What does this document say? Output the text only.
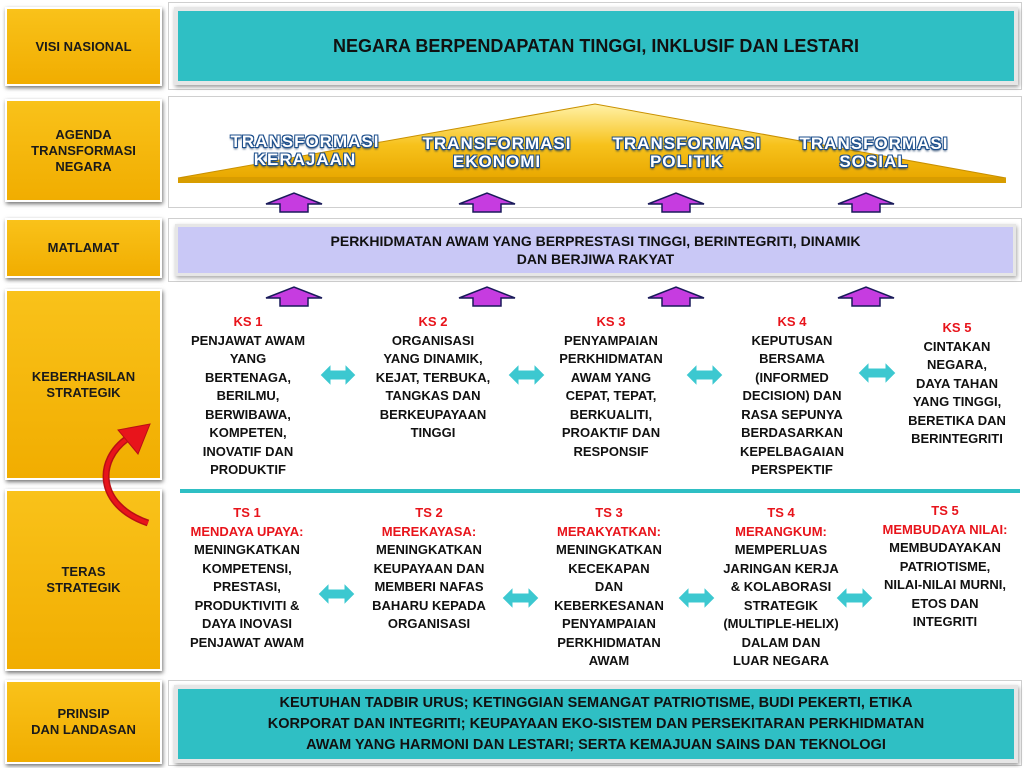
VISI NASIONAL
AGENDA TRANSFORMASI NEGARA
MATLAMAT
KEBERHASILAN STRATEGIK
TERAS STRATEGIK
PRINSIP
DAN LANDASAN
NEGARA BERPENDAPATAN TINGGI, INKLUSIF DAN LESTARI
TRANSFORMASI
KERAJAAN
TRANSFORMASI
EKONOMI
TRANSFORMASI
POLITIK
TRANSFORMASI
SOSIAL
PERKHIDMATAN AWAM YANG BERPRESTASI TINGGI, BERINTEGRITI, DINAMIK
DAN BERJIWA RAKYAT
KS 1
PENJAWAT AWAM
YANG
BERTENAGA,
BERILMU,
BERWIBAWA,
KOMPETEN,
INOVATIF DAN
PRODUKTIF
KS 2
ORGANISASI
YANG DINAMIK,
KEJAT, TERBUKA,
TANGKAS DAN
BERKEUPAYAAN
TINGGI
KS 3
PENYAMPAIAN
PERKHIDMATAN
AWAM YANG
CEPAT, TEPAT,
BERKUALITI,
PROAKTIF DAN
RESPONSIF
KS 4
KEPUTUSAN
BERSAMA
(INFORMED
DECISION) DAN
RASA SEPUNYA
BERDASARKAN
KEPELBAGAIAN
PERSPEKTIF
KS 5
CINTAKAN
NEGARA,
DAYA TAHAN
YANG TINGGI,
BERETIKA DAN
BERINTEGRITI
TS 1
MENDAYA UPAYA:
MENINGKATKAN
KOMPETENSI,
PRESTASI,
PRODUKTIVITI &
DAYA INOVASI
PENJAWAT AWAM
TS 2
MEREKAYASA:
MENINGKATKAN
KEUPAYAAN DAN
MEMBERI NAFAS
BAHARU KEPADA
ORGANISASI
TS 3
MERAKYATKAN:
MENINGKATKAN
KECEKAPAN
DAN
KEBERKESANAN
PENYAMPAIAN
PERKHIDMATAN
AWAM
TS 4
MERANGKUM:
MEMPERLUAS
JARINGAN KERJA
& KOLABORASI
STRATEGIK
(MULTIPLE-HELIX)
DALAM DAN
LUAR NEGARA
TS 5
MEMBUDAYA NILAI:
MEMBUDAYAKAN
PATRIOTISME,
NILAI-NILAI MURNI,
ETOS DAN
INTEGRITI
KEUTUHAN TADBIR URUS; KETINGGIAN SEMANGAT PATRIOTISME, BUDI PEKERTI, ETIKA
KORPORAT DAN INTEGRITI; KEUPAYAAN EKO-SISTEM DAN PERSEKITARAN PERKHIDMATAN
AWAM YANG HARMONI DAN LESTARI; SERTA KEMAJUAN SAINS DAN TEKNOLOGI
